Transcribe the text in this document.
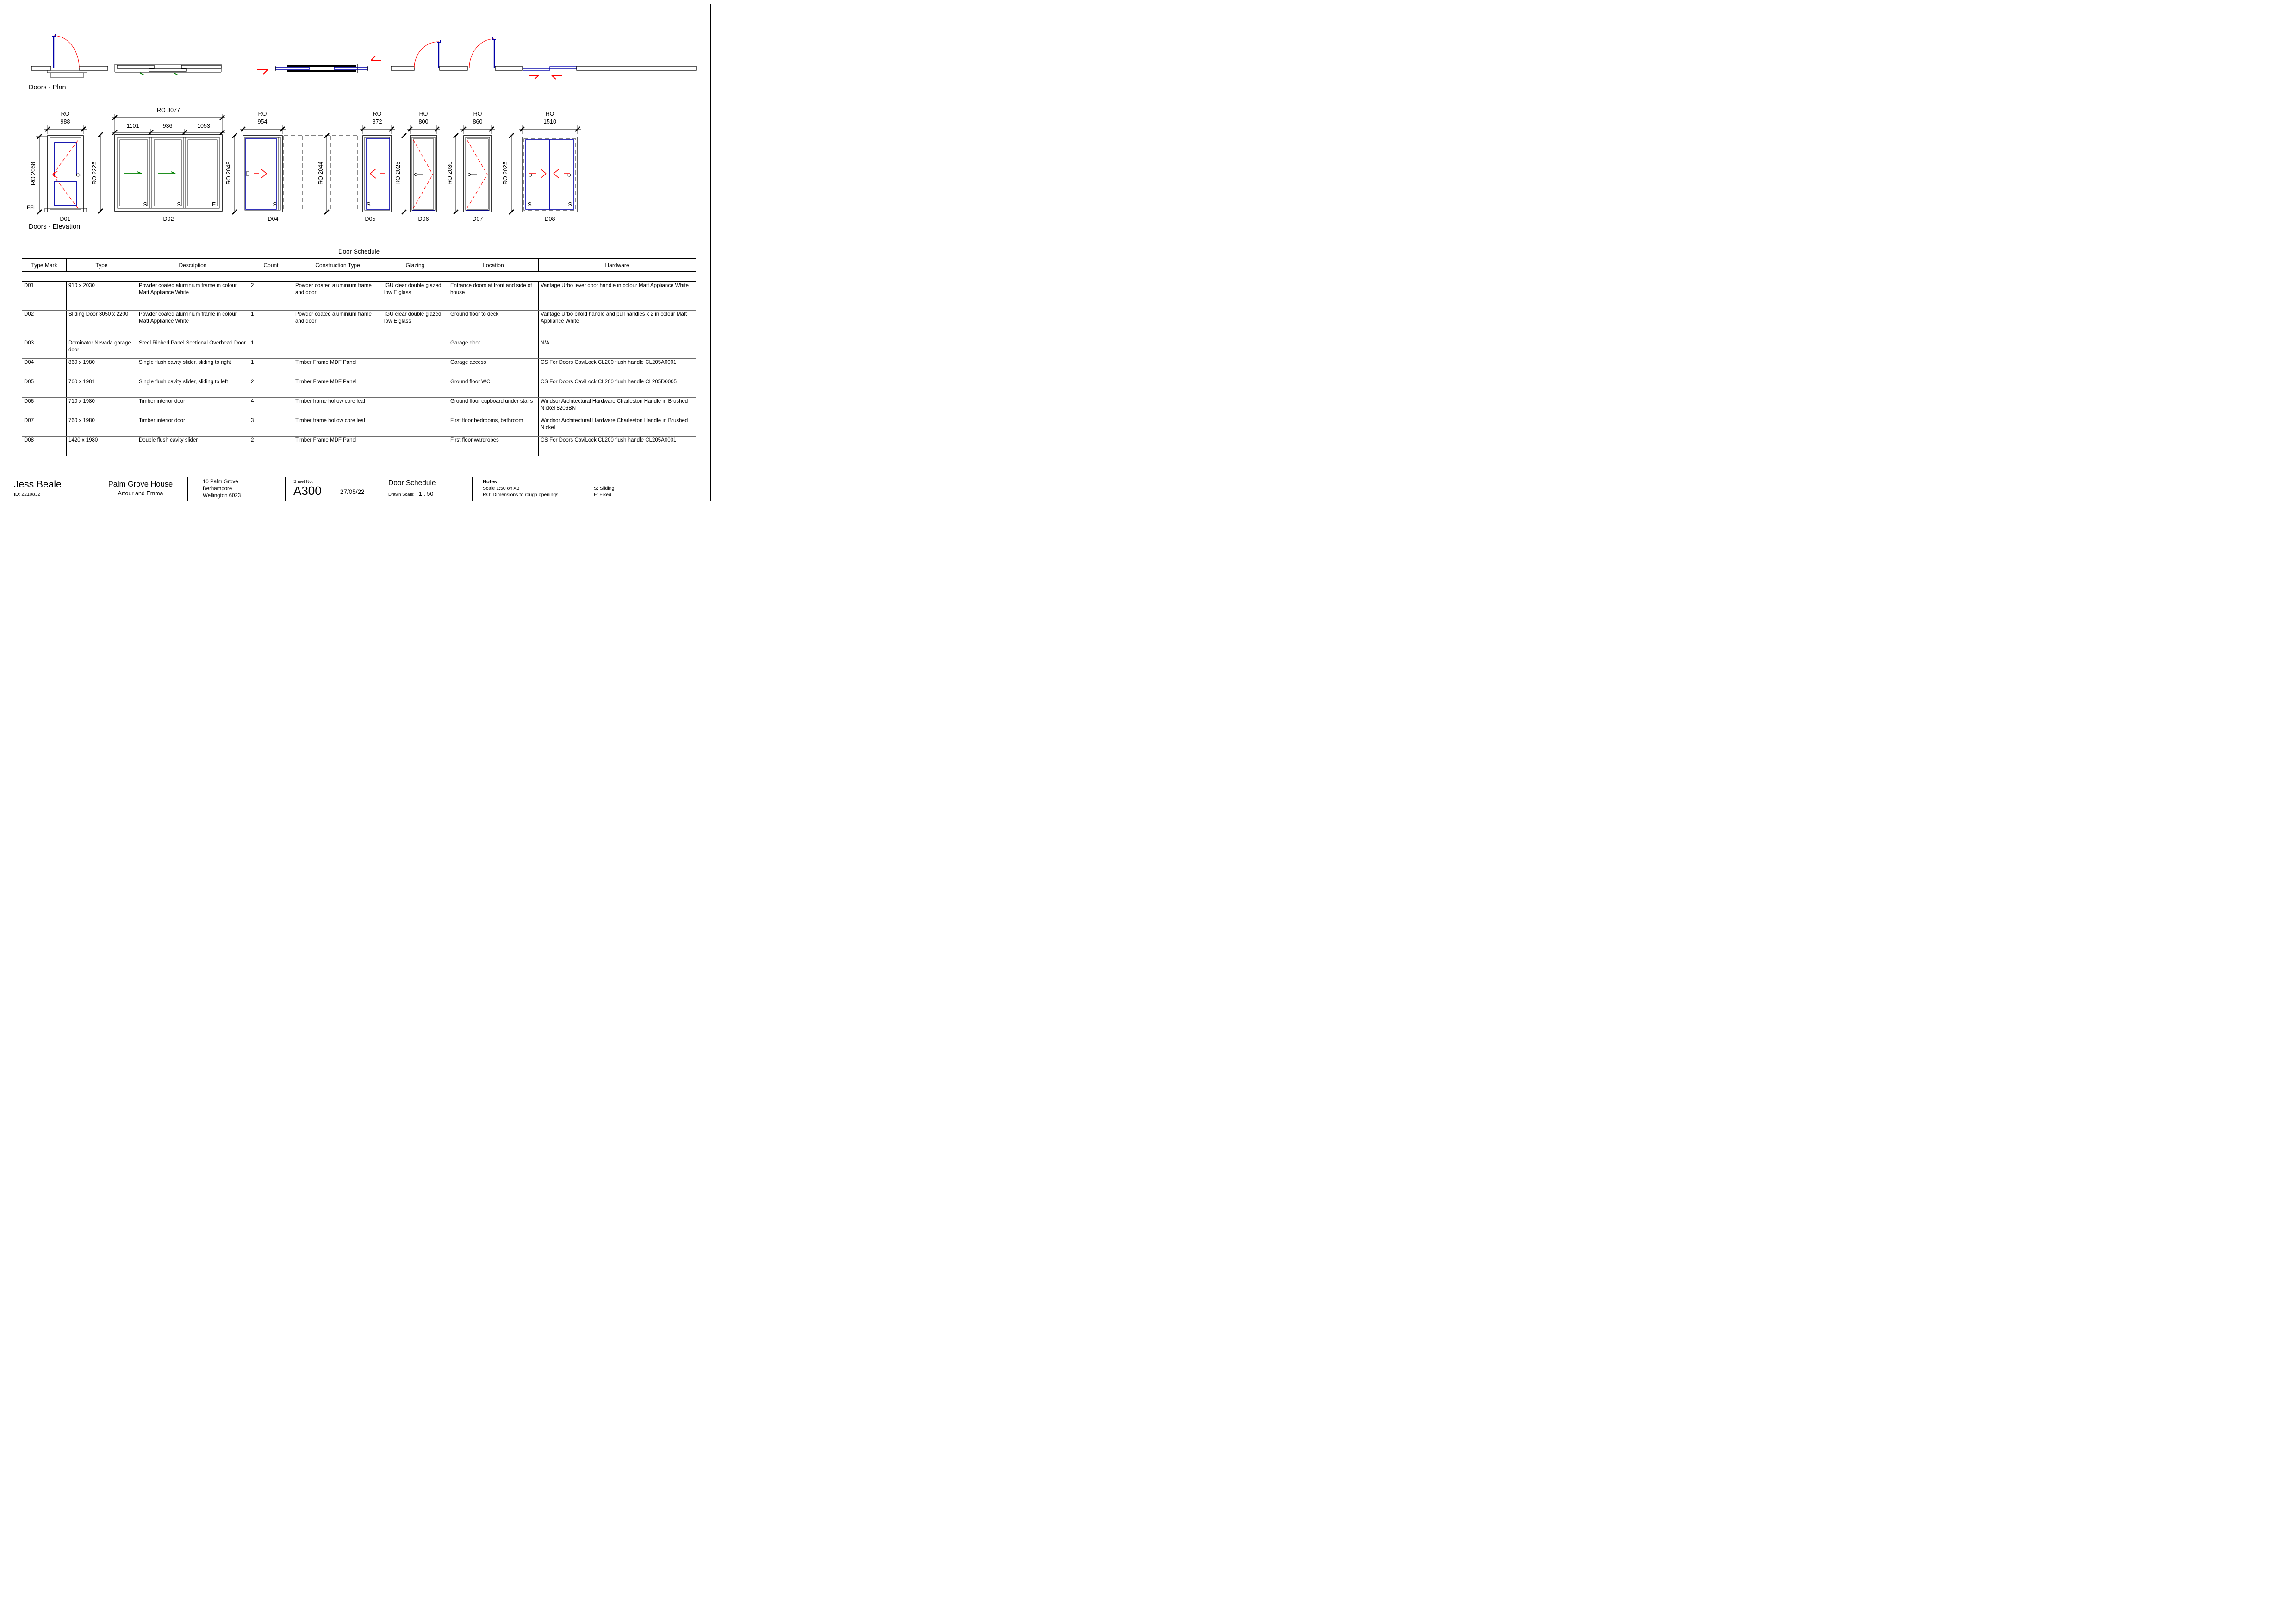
Doors - Plan
FFL
RO
988
RO 2068
D01
S	S	F
RO 3077
1101	936	1053
RO 2225
D02
S
RO
954
RO 2048
D04
RO 2044
S
RO
872
D05
RO
800
RO 2025
D06
RO
860
RO 2030
D07
S	S
RO
1510
RO 2025
D08
Doors - Elevation
Door Schedule
Type Mark	Type	Description	Count	Construction Type	Glazing	Location	Hardware
D01	910 x 2030	Powder coated aluminium frame in colour Matt Appliance White	2	Powder coated aluminium frame and door	IGU clear double glazed low E glass	Entrance doors at front and side of house	Vantage Urbo lever door handle in colour Matt Appliance White
D02	Sliding Door 3050 x 2200	Powder coated aluminium frame in colour Matt Appliance White	1	Powder coated aluminium frame and door	IGU clear double glazed low E glass	Ground floor to deck	Vantage Urbo bifold handle and pull handles x 2 in colour Matt Appliance White
D03	Dominator Nevada garage door	Steel Ribbed Panel Sectional Overhead Door	1			Garage door	N/A
D04	860 x 1980	Single flush cavity slider, sliding to right	1	Timber Frame MDF Panel		Garage access	CS For Doors CaviLock CL200 flush handle CL205A0001
D05	760 x 1981	Single flush cavity slider, sliding to left	2	Timber Frame MDF Panel		Ground floor WC	CS For Doors CaviLock CL200 flush handle CL205D0005
D06	710 x 1980	Timber interior door	4	Timber frame hollow core leaf		Ground floor cupboard under stairs	Windsor Architectural Hardware Charleston Handle in Brushed Nickel 8206BN
D07	760 x 1980	Timber interior door	3	Timber frame hollow core leaf		First floor bedrooms, bathroom	Windsor Architectural Hardware Charleston Handle in Brushed Nickel
D08	1420 x 1980	Double flush cavity slider	2	Timber Frame MDF Panel		First floor wardrobes	CS For Doors CaviLock CL200 flush handle CL205A0001
Jess Beale
ID: 2210832
Palm Grove House
Artour and Emma
10 Palm Grove
Berhampore
Wellington 6023
Sheet No:
A300	27/05/22
Door Schedule
Drawn Scale: 1 : 50
Notes
Scale 1:50 on A3
RO: Dimensions to rough openings
S: Sliding
F: Fixed
